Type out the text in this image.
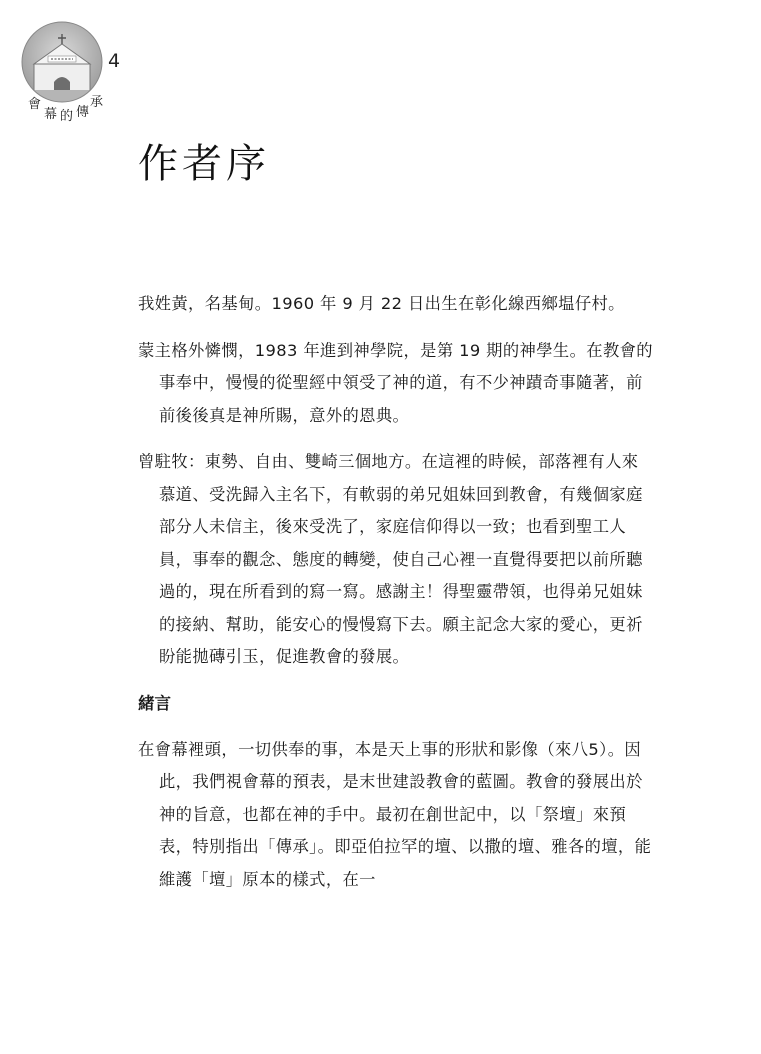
4
會
幕 的 傳
承
作者序

我姓黃，名基甸。1960 年 9 月 22 日出生在彰化線西鄉塭仔村。

蒙主格外憐憫，1983 年進到神學院，是第 19 期的神學生。在教會的事奉中，慢慢的從聖經中領受了神的道，有不少神蹟奇事隨著，前前後後真是神所賜，意外的恩典。

曾駐牧：東勢、自由、雙崎三個地方。在這裡的時候，部落裡有人來慕道、受洗歸入主名下，有軟弱的弟兄姐妹回到教會，有幾個家庭部分人未信主，後來受洗了，家庭信仰得以一致；也看到聖工人員，事奉的觀念、態度的轉變，使自己心裡一直覺得要把以前所聽過的，現在所看到的寫一寫。感謝主！得聖靈帶領，也得弟兄姐妹的接納、幫助，能安心的慢慢寫下去。願主記念大家的愛心，更祈盼能拋磚引玉，促進教會的發展。

緒言

在會幕裡頭，一切供奉的事，本是天上事的形狀和影像（來八5）。因此，我們視會幕的預表，是末世建設教會的藍圖。教會的發展出於神的旨意，也都在神的手中。最初在創世記中，以「祭壇」來預表，特別指出「傳承」。即亞伯拉罕的壇、以撒的壇、雅各的壇，能維護「壇」原本的樣式，在一
